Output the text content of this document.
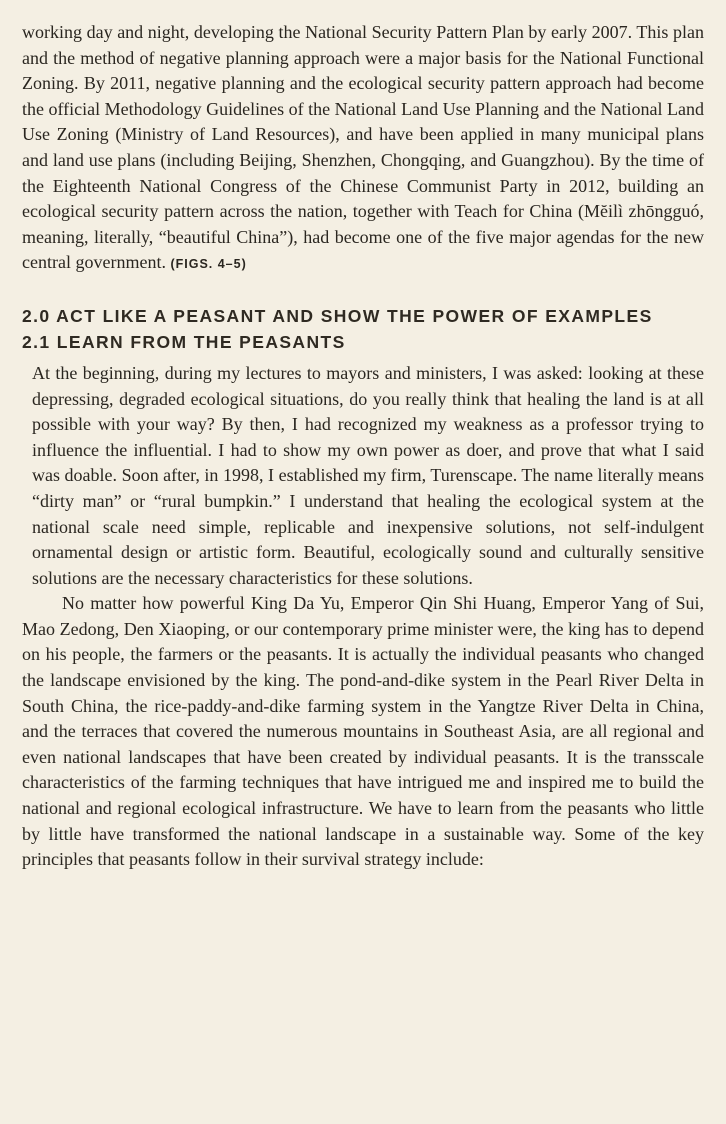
working day and night, developing the National Security Pattern Plan by early 2007. This plan and the method of negative planning approach were a major basis for the National Functional Zoning. By 2011, negative planning and the ecological security pattern approach had become the official Methodology Guidelines of the National Land Use Planning and the National Land Use Zoning (Ministry of Land Resources), and have been applied in many municipal plans and land use plans (including Beijing, Shenzhen, Chongqing, and Guangzhou). By the time of the Eighteenth National Congress of the Chinese Communist Party in 2012, building an ecological security pattern across the nation, together with Teach for China (Mĕilì zhōngguó, meaning, literally, “beautiful China”), had become one of the five major agendas for the new central government. (FIGS. 4–5)

2.0 ACT LIKE A PEASANT AND SHOW THE POWER OF EXAMPLES

2.1 LEARN FROM THE PEASANTS

At the beginning, during my lectures to mayors and ministers, I was asked: looking at these depressing, degraded ecological situations, do you really think that healing the land is at all possible with your way? By then, I had recognized my weakness as a professor trying to influence the influential. I had to show my own power as doer, and prove that what I said was doable. Soon after, in 1998, I established my firm, Turenscape. The name literally means “dirty man” or “rural bumpkin.” I understand that healing the ecological system at the national scale need simple, replicable and inexpensive solutions, not self-indulgent ornamental design or artistic form. Beautiful, ecologically sound and culturally sensitive solutions are the necessary characteristics for these solutions.

No matter how powerful King Da Yu, Emperor Qin Shi Huang, Emperor Yang of Sui, Mao Zedong, Den Xiaoping, or our contemporary prime minister were, the king has to depend on his people, the farmers or the peasants. It is actually the individual peasants who changed the landscape envisioned by the king. The pond-and-dike system in the Pearl River Delta in South China, the rice-paddy-and-dike farming system in the Yangtze River Delta in China, and the terraces that covered the numerous mountains in Southeast Asia, are all regional and even national landscapes that have been created by individual peasants. It is the transscale characteristics of the farming techniques that have intrigued me and inspired me to build the national and regional ecological infrastructure. We have to learn from the peasants who little by little have transformed the national landscape in a sustainable way. Some of the key principles that peasants follow in their survival strategy include:
